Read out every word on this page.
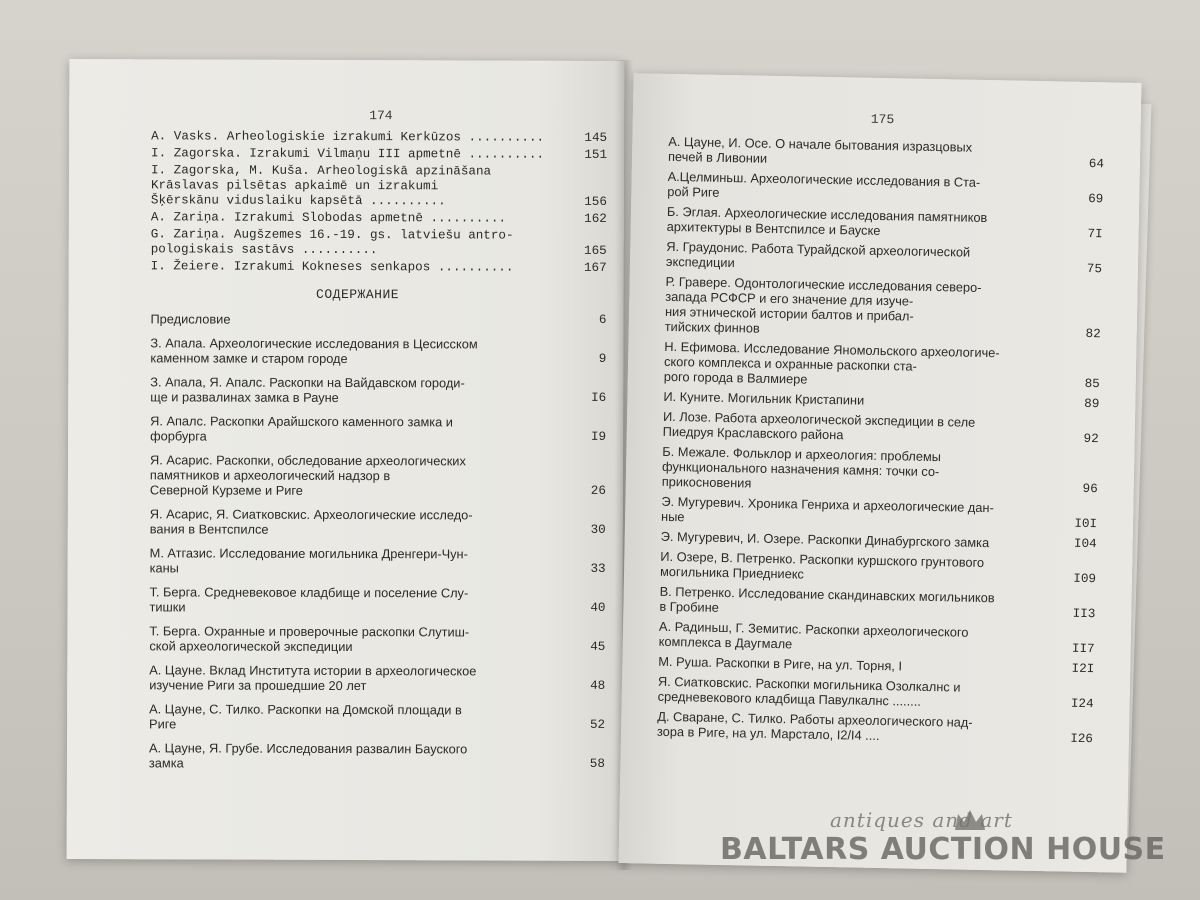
174
A. Vasks. Arheologiskie izrakumi Kerkūzos ..........	145
I. Zagorska. Izrakumi Vilmaņu III apmetnē ..........	151
I. Zagorska, M. Kuša. Arheologiskā apzināšana
Krāslavas pilsētas apkaimē un izrakumi
Šķērskānu viduslaiku kapsētā ..........	156
A. Zariņa. Izrakumi Slobodas apmetnē ..........	162
G. Zariņa. Augšzemes 16.-19. gs. latviešu antro-
pologiskais sastāvs ..........	165
I. Žeiere. Izrakumi Kokneses senkapos ..........	167
СОДЕРЖАНИЕ
Предисловие	6
З. Апала. Археологические исследования в Цесисском
каменном замке и старом городе	9
З. Апала, Я. Апалс. Раскопки на Вайдавском городи-
ще и развалинах замка в Рауне	I6
Я. Апалс. Раскопки Арайшского каменного замка и
форбурга	I9
Я. Асарис. Раскопки, обследование археологических
памятников и археологический надзор в
Северной Курземе и Риге	26
Я. Асарис, Я. Сиатковскис. Археологические исследо-
вания в Вентспилсе	30
М. Атгазис. Исследование могильника Дренгери-Чун-
каны	33
Т. Берга. Средневековое кладбище и поселение Слу-
тишки	40
Т. Берга. Охранные и проверочные раскопки Слутиш-
ской археологической экспедиции	45
А. Цауне. Вклад Института истории в археологическое
изучение Риги за прошедшие 20 лет	48
А. Цауне, С. Тилко. Раскопки на Домской площади в
Риге	52
А. Цауне, Я. Грубе. Исследования развалин Бауского
замка	58
175
А. Цауне, И. Осе. О начале бытования изразцовых
печей в Ливонии	64
А.Целминьш. Археологические исследования в Ста-
рой Риге	69
Б. Эглая. Археологические исследования памятников
архитектуры в Вентспилсе и Бауске	7I
Я. Граудонис. Работа Турайдской археологической
экспедиции	75
Р. Гравере. Одонтологические исследования северо-
запада РСФСР и его значение для изуче-
ния этнической истории балтов и прибал-
тийских финнов	82
Н. Ефимова. Исследование Яномольского археологиче-
ского комплекса и охранные раскопки ста-
рого города в Валмиере	85
И. Куните. Могильник Кристапини	89
И. Лозе. Работа археологической экспедиции в селе
Пиедруя Краславского района	92
Б. Межале. Фольклор и археология: проблемы
функционального назначения камня: точки со-
прикосновения	96
Э. Мугуревич. Хроника Генриха и археологические дан-
ные	I0I
Э. Мугуревич, И. Озере. Раскопки Динабургского замка	I04
И. Озере, В. Петренко. Раскопки куршского грунтового
могильника Приедниекс	I09
В. Петренко. Исследование скандинавских могильников
в Гробине	II3
А. Радиньш, Г. Земитис. Раскопки археологического
комплекса в Даугмале	II7
М. Руша. Раскопки в Риге, на ул. Торня, I	I2I
Я. Сиатковскис. Раскопки могильника Озолкалнс и
средневекового кладбища Павулкалнс ........	I24
Д. Сваране, С. Тилко. Работы археологического над-
зора в Риге, на ул. Марстало, I2/I4 ....	I26
antiques and art
BALTARS AUCTION HOUSE
